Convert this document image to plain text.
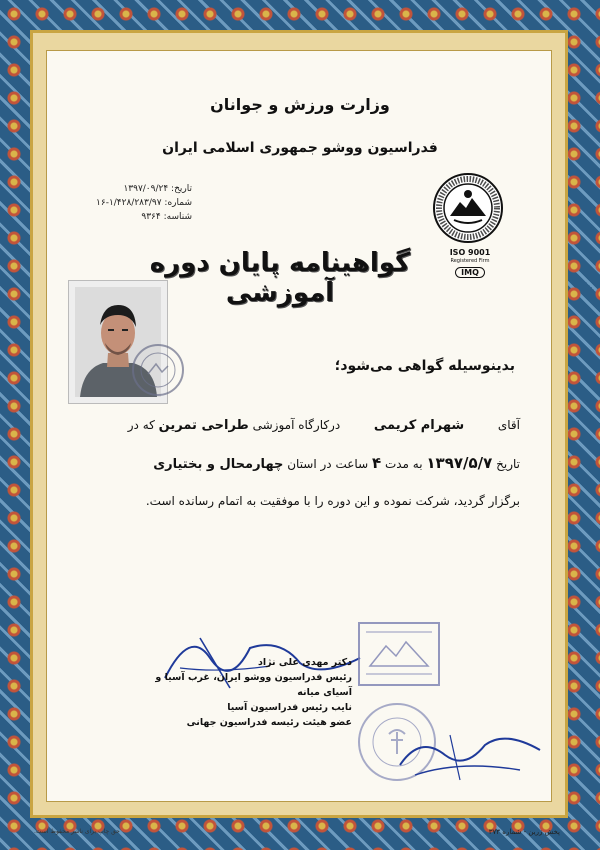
وزارت ورزش و جوانان
فدراسیون ووشو جمهوری اسلامی ایران
تاریخ: ۱۳۹۷/۰۹/۲۴
شماره: ۱/۴۲۸/۲۸۳/۹۷-۱۶
شناسه: ۹۳۶۴
ISO 9001
Registered Firm
IMQ
گواهینامه پایان دوره آموزشی
بدینوسیله گواهی می‌شود؛
آقای  شهرام کریمی  درکارگاه آموزشی طراحی تمرین که در
تاریخ ۱۳۹۷/۵/۷ به مدت ۴ ساعت در استان چهارمحال و بختیاری
برگزار گردید، شرکت نموده و این دوره را با موفقیت به اتمام رسانده است.
دکتر مهدی علی نژاد
رئیس فدراسیون ووشو ایران، غرب آسیا و آسیای میانه
نایب رئیس فدراسیون آسیا
عضو هیئت رئیسه فدراسیون جهانی
پخش زرین - شماره ۳۷۳
حق چاپ برای ناشر محفوظ است.
